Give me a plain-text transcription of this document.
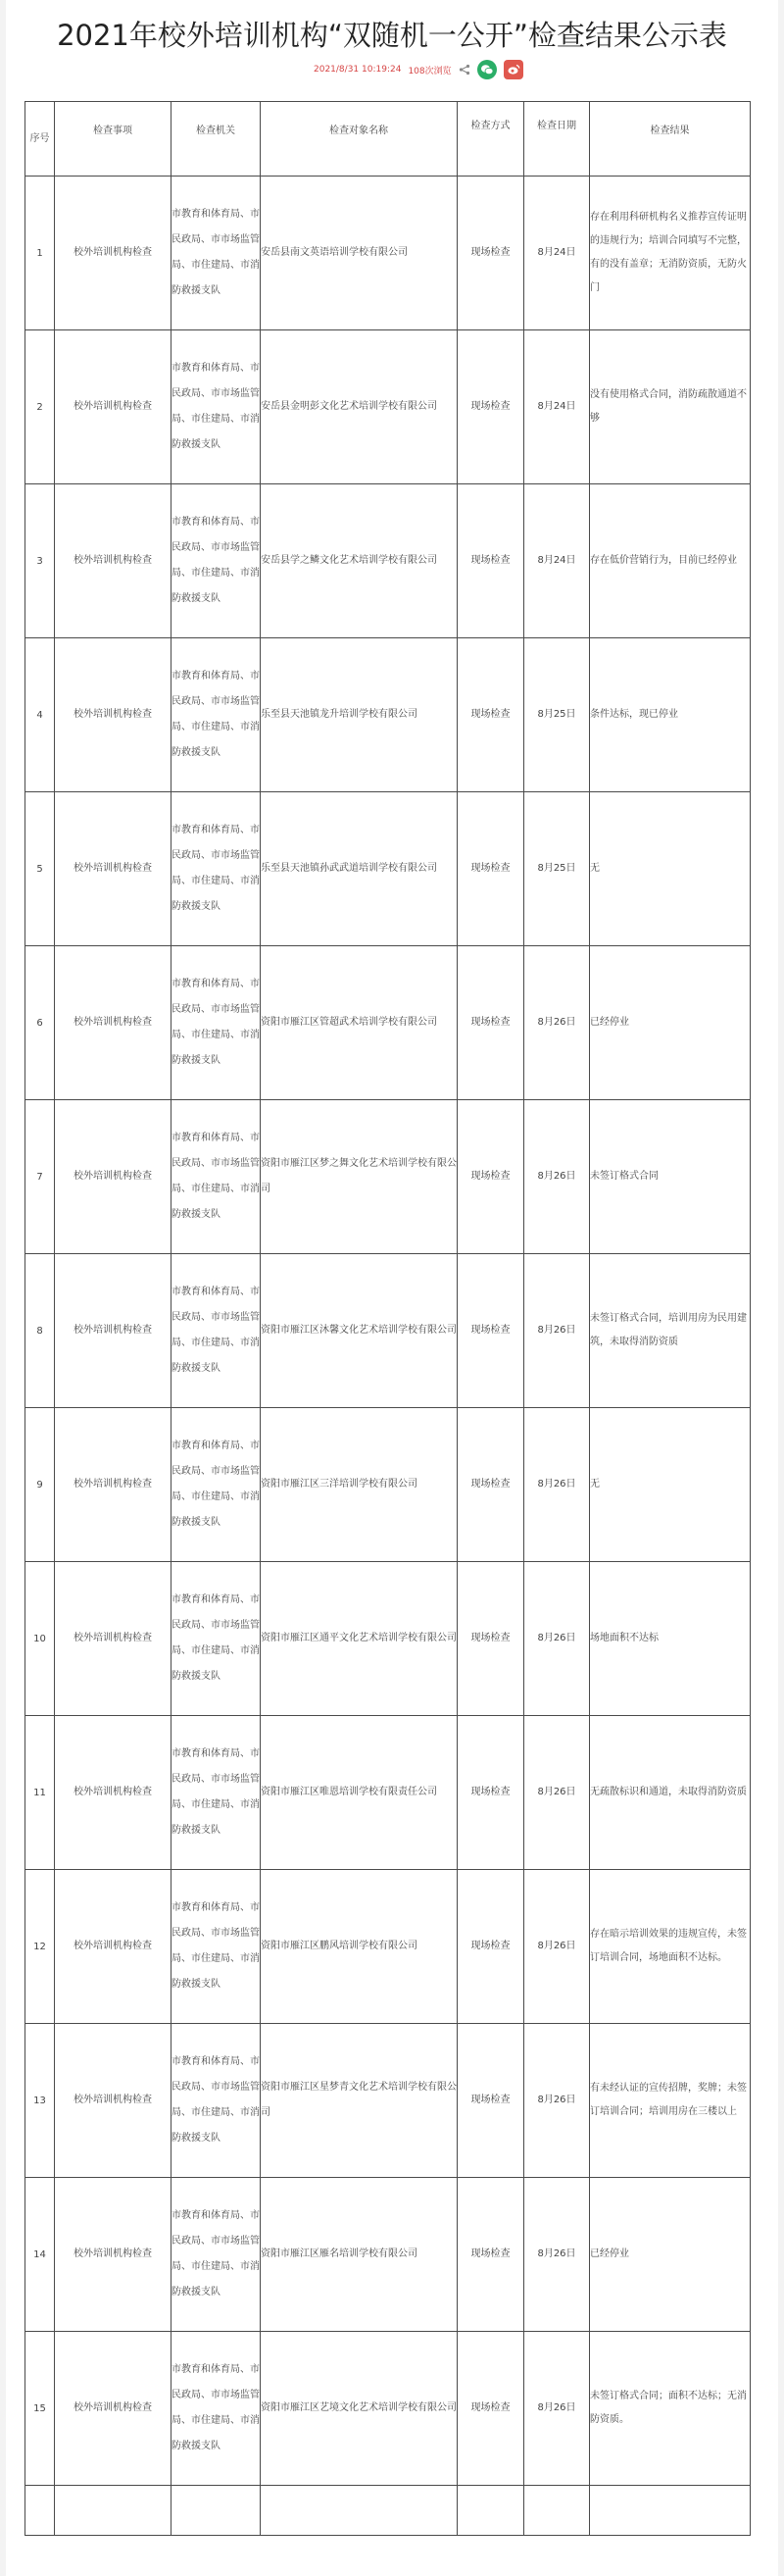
2021年校外培训机构“双随机一公开”检查结果公示表
2021/8/31 10:19:24 108次浏览
序号	检查事项	检查机关	检查对象名称	检查方式	检查日期	检查结果
1	校外培训机构检查	市教育和体育局、市民政局、市市场监管局、市住建局、市消防救援支队	安岳县南文英语培训学校有限公司	现场检查	8月24日	存在利用科研机构名义推荐宣传证明的违规行为；培训合同填写不完整，有的没有盖章；无消防资质，无防火门
2	校外培训机构检查	市教育和体育局、市民政局、市市场监管局、市住建局、市消防救援支队	安岳县金明彭文化艺术培训学校有限公司	现场检查	8月24日	没有使用格式合同，消防疏散通道不够
3	校外培训机构检查	市教育和体育局、市民政局、市市场监管局、市住建局、市消防救援支队	安岳县学之鳞文化艺术培训学校有限公司	现场检查	8月24日	存在低价营销行为，目前已经停业
4	校外培训机构检查	市教育和体育局、市民政局、市市场监管局、市住建局、市消防救援支队	乐至县天池镇龙升培训学校有限公司	现场检查	8月25日	条件达标，现已停业
5	校外培训机构检查	市教育和体育局、市民政局、市市场监管局、市住建局、市消防救援支队	乐至县天池镇孙武武道培训学校有限公司	现场检查	8月25日	无
6	校外培训机构检查	市教育和体育局、市民政局、市市场监管局、市住建局、市消防救援支队	资阳市雁江区管超武术培训学校有限公司	现场检查	8月26日	已经停业
7	校外培训机构检查	市教育和体育局、市民政局、市市场监管局、市住建局、市消防救援支队	资阳市雁江区梦之舞文化艺术培训学校有限公司	现场检查	8月26日	未签订格式合同
8	校外培训机构检查	市教育和体育局、市民政局、市市场监管局、市住建局、市消防救援支队	资阳市雁江区沐馨文化艺术培训学校有限公司	现场检查	8月26日	未签订格式合同，培训用房为民用建筑，未取得消防资质
9	校外培训机构检查	市教育和体育局、市民政局、市市场监管局、市住建局、市消防救援支队	资阳市雁江区三洋培训学校有限公司	现场检查	8月26日	无
10	校外培训机构检查	市教育和体育局、市民政局、市市场监管局、市住建局、市消防救援支队	资阳市雁江区通平文化艺术培训学校有限公司	现场检查	8月26日	场地面积不达标
11	校外培训机构检查	市教育和体育局、市民政局、市市场监管局、市住建局、市消防救援支队	资阳市雁江区唯恩培训学校有限责任公司	现场检查	8月26日	无疏散标识和通道，未取得消防资质
12	校外培训机构检查	市教育和体育局、市民政局、市市场监管局、市住建局、市消防救援支队	资阳市雁江区鹏风培训学校有限公司	现场检查	8月26日	存在暗示培训效果的违规宣传，未签订培训合同，场地面积不达标。
13	校外培训机构检查	市教育和体育局、市民政局、市市场监管局、市住建局、市消防救援支队	资阳市雁江区星梦青文化艺术培训学校有限公司	现场检查	8月26日	有未经认证的宣传招牌，奖牌；未签订培训合同；培训用房在三楼以上
14	校外培训机构检查	市教育和体育局、市民政局、市市场监管局、市住建局、市消防救援支队	资阳市雁江区雁名培训学校有限公司	现场检查	8月26日	已经停业
15	校外培训机构检查	市教育和体育局、市民政局、市市场监管局、市住建局、市消防救援支队	资阳市雁江区艺境文化艺术培训学校有限公司	现场检查	8月26日	未签订格式合同；面积不达标；无消防资质。
